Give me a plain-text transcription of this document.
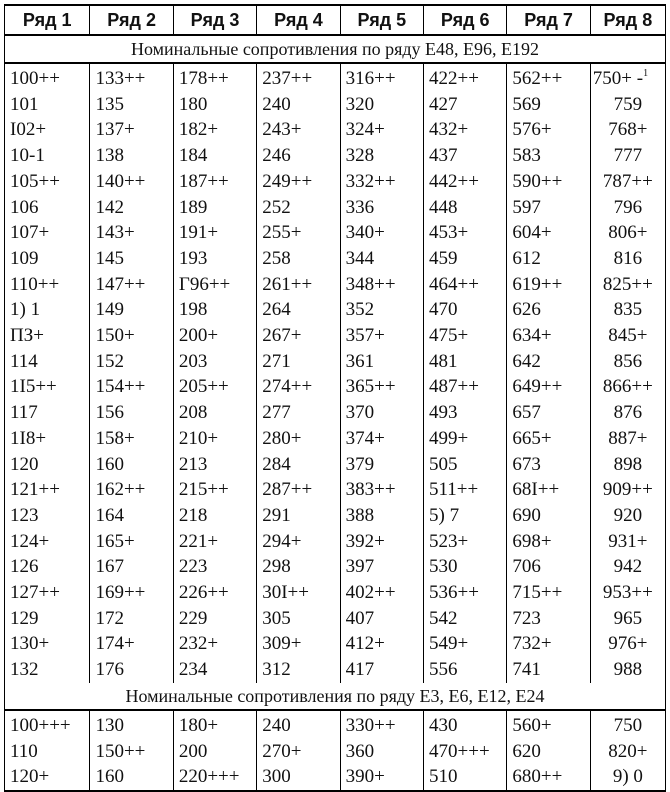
Ряд 1	Ряд 2	Ряд 3	Ряд 4	Ряд 5	Ряд 6	Ряд 7	Ряд 8
Номинальные сопротивления по ряду Е48, Е96, Е192							
100++	133++	178++	237++	316++	422++	562++	750+ -$^1$
101	135	180	240	320	427	569	759
I02+	137+	182+	243+	324+	432+	576+	768+
10-1	138	184	246	328	437	583	777
105++	140++	187++	249++	332++	442++	590++	787++
106	142	189	252	336	448	597	796
107+	143+	191+	255+	340+	453+	604+	806+
109	145	193	258	344	459	612	816
110++	147++	Г96++	261++	348++	464++	619++	825++
1) 1	149	198	264	352	470	626	835
ПЗ+	150+	200+	267+	357+	475+	634+	845+
114	152	203	271	361	481	642	856
1I5++	154++	205++	274++	365++	487++	649++	866++
117	156	208	277	370	493	657	876
1I8+	158+	210+	280+	374+	499+	665+	887+
120	160	213	284	379	505	673	898
121++	162++	215++	287++	383++	511++	68I++	909++
123	164	218	291	388	5) 7	690	920
124+	165+	221+	294+	392+	523+	698+	931+
126	167	223	298	397	530	706	942
127++	169++	226++	30I++	402++	536++	715++	953++
129	172	229	305	407	542	723	965
130+	174+	232+	309+	412+	549+	732+	976+
132	176	234	312	417	556	741	988
Номинальные сопротивления по ряду Е3, Е6, Е12, Е24							
100+++	130	180+	240	330++	430	560+	750
110	150++	200	270+	360	470+++	620	820+
120+	160	220+++	300	390+	510	680++	9) 0
